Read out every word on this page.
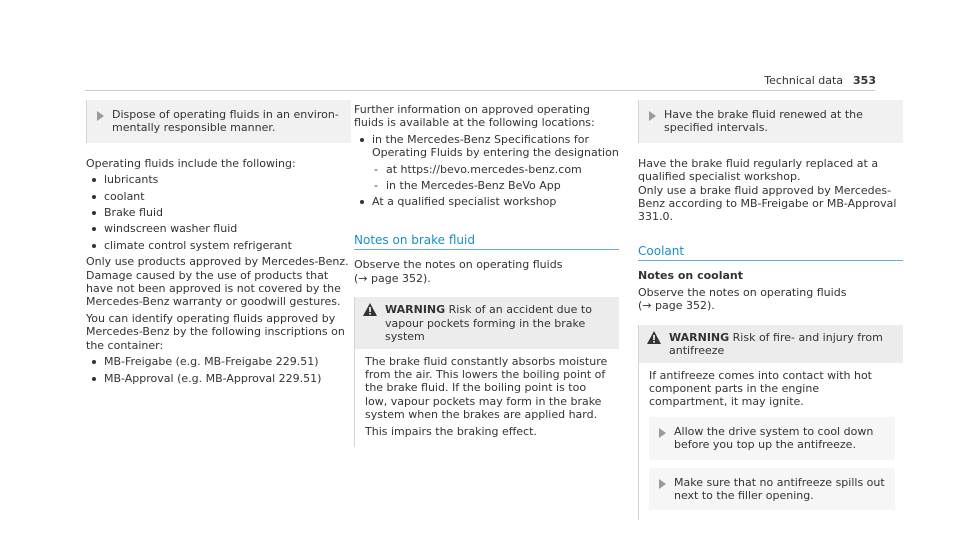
Technical data 353
Dispose of operating fluids in an environ-
mentally responsible manner.

Operating fluids include the following:

lubricants
coolant
Brake fluid
windscreen washer fluid
climate control system refrigerant

Only use products approved by Mercedes-Benz. Damage caused by the use of products that have not been approved is not covered by the Mercedes-Benz warranty or goodwill gestures.

You can identify operating fluids approved by Mercedes-Benz by the following inscriptions on the container:

MB-Freigabe (e.g. MB-Freigabe 229.51)
MB-Approval (e.g. MB-Approval 229.51)

Further information on approved operating fluids is available at the following locations:

in the Mercedes-Benz Specifications for Operating Fluids by entering the designation
- at https://bevo.mercedes-benz.com
- in the Mercedes-Benz BeVo App
At a qualified specialist workshop
Notes on brake fluid

Observe the notes on operating fluids
(→ page 352).

WARNING Risk of an accident due to vapour pockets forming in the brake system

The brake fluid constantly absorbs moisture from the air. This lowers the boiling point of the brake fluid. If the boiling point is too low, vapour pockets may form in the brake system when the brakes are applied hard.

This impairs the braking effect.

Have the brake fluid renewed at the specified intervals.

Have the brake fluid regularly replaced at a qualified specialist workshop.
Only use a brake fluid approved by Mercedes-Benz according to MB-Freigabe or MB-Approval 331.0.

Coolant

Notes on coolant

Observe the notes on operating fluids
(→ page 352).

WARNING Risk of fire- and injury from antifreeze

If antifreeze comes into contact with hot component parts in the engine compartment, it may ignite.

Allow the drive system to cool down before you top up the antifreeze.
Make sure that no antifreeze spills out next to the filler opening.
